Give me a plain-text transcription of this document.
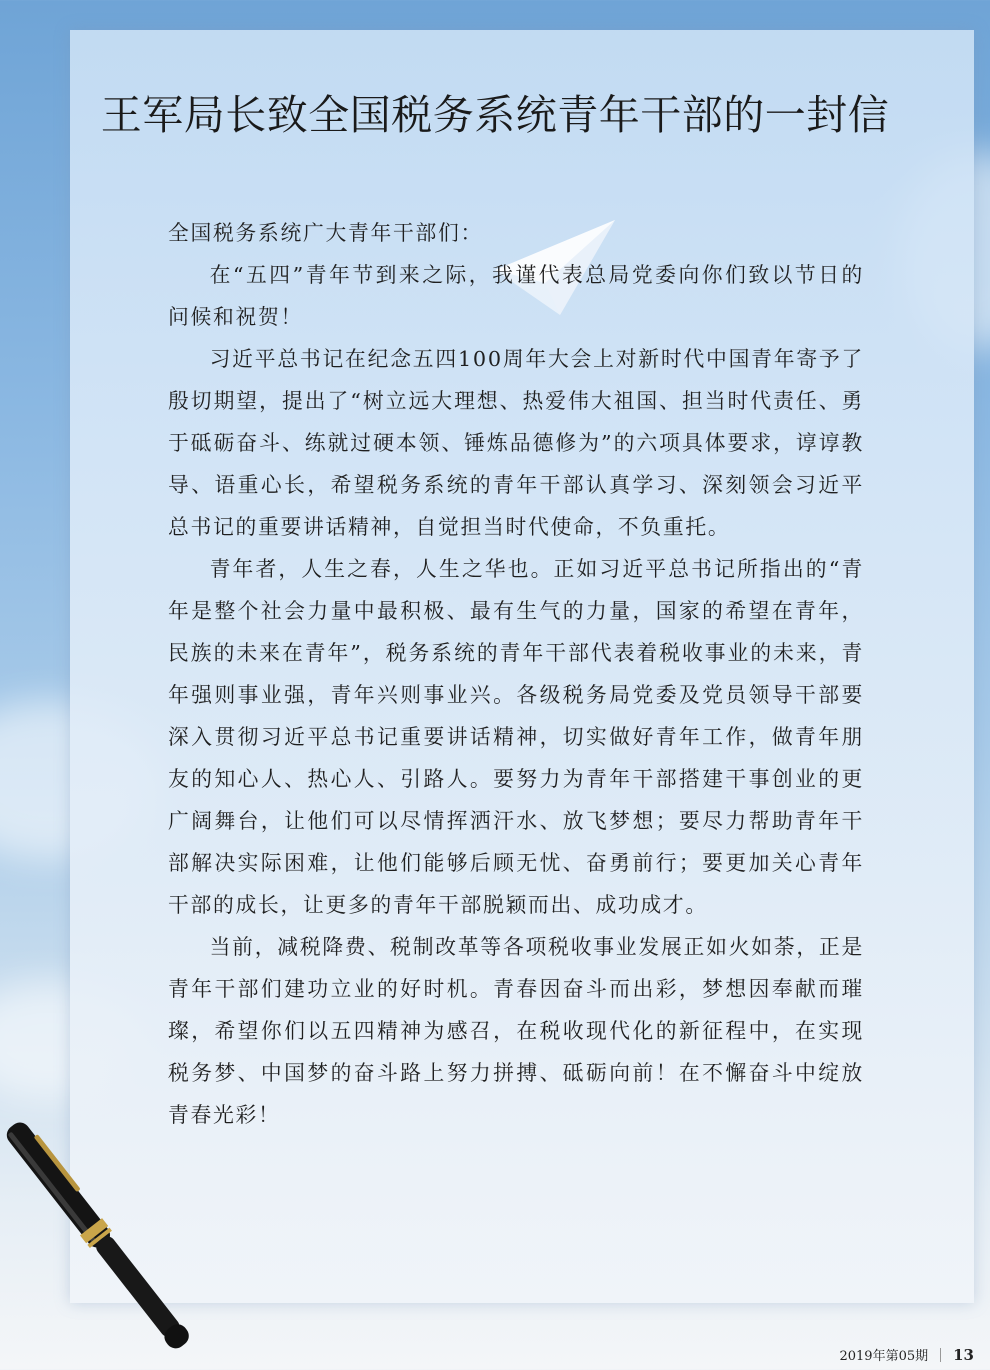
王军局长致全国税务系统青年干部的一封信

全国税务系统广大青年干部们：

在“五四”青年节到来之际，我谨代表总局党委向你们致以节日的问候和祝贺！

习近平总书记在纪念五四100周年大会上对新时代中国青年寄予了殷切期望，提出了“树立远大理想、热爱伟大祖国、担当时代责任、勇于砥砺奋斗、练就过硬本领、锤炼品德修为”的六项具体要求，谆谆教导、语重心长，希望税务系统的青年干部认真学习、深刻领会习近平总书记的重要讲话精神，自觉担当时代使命，不负重托。

青年者，人生之春，人生之华也。正如习近平总书记所指出的“青年是整个社会力量中最积极、最有生气的力量，国家的希望在青年，民族的未来在青年”，税务系统的青年干部代表着税收事业的未来，青年强则事业强，青年兴则事业兴。各级税务局党委及党员领导干部要深入贯彻习近平总书记重要讲话精神，切实做好青年工作，做青年朋友的知心人、热心人、引路人。要努力为青年干部搭建干事创业的更广阔舞台，让他们可以尽情挥洒汗水、放飞梦想；要尽力帮助青年干部解决实际困难，让他们能够后顾无忧、奋勇前行；要更加关心青年干部的成长，让更多的青年干部脱颖而出、成功成才。

当前，减税降费、税制改革等各项税收事业发展正如火如荼，正是青年干部们建功立业的好时机。青春因奋斗而出彩，梦想因奉献而璀璨，希望你们以五四精神为感召，在税收现代化的新征程中，在实现税务梦、中国梦的奋斗路上努力拼搏、砥砺向前！在不懈奋斗中绽放青春光彩！

2019年第05期 13
